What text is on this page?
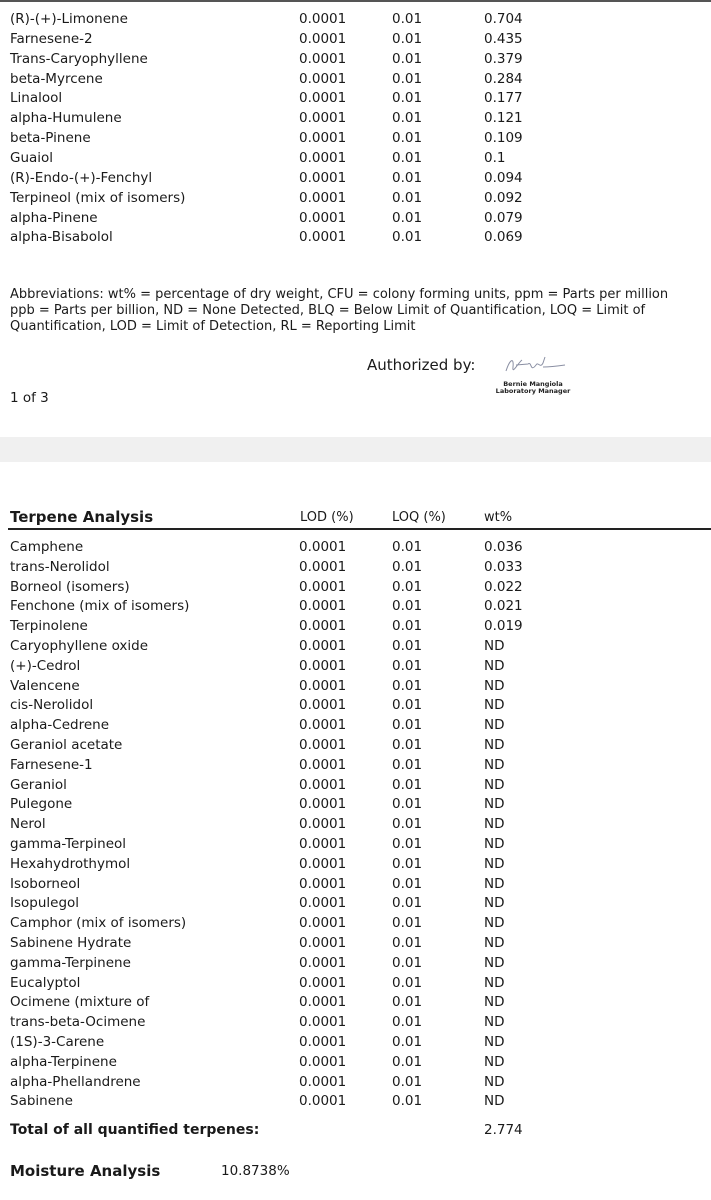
(R)-(+)-Limonene	0.0001	0.01	0.704
Farnesene-2	0.0001	0.01	0.435
Trans-Caryophyllene	0.0001	0.01	0.379
beta-Myrcene	0.0001	0.01	0.284
Linalool	0.0001	0.01	0.177
alpha-Humulene	0.0001	0.01	0.121
beta-Pinene	0.0001	0.01	0.109
Guaiol	0.0001	0.01	0.1
(R)-Endo-(+)-Fenchyl	0.0001	0.01	0.094
Terpineol (mix of isomers)	0.0001	0.01	0.092
alpha-Pinene	0.0001	0.01	0.079
alpha-Bisabolol	0.0001	0.01	0.069
Abbreviations: wt% = percentage of dry weight, CFU = colony forming units, ppm = Parts per million
ppb = Parts per billion, ND = None Detected, BLQ = Below Limit of Quantification, LOQ = Limit of
Quantification, LOD = Limit of Detection, RL = Reporting Limit
Authorized by:
Bernie Mangiola
Laboratory Manager
1 of 3
Terpene Analysis	LOD (%)	LOQ (%)	wt%
Camphene	0.0001	0.01	0.036
trans-Nerolidol	0.0001	0.01	0.033
Borneol (isomers)	0.0001	0.01	0.022
Fenchone (mix of isomers)	0.0001	0.01	0.021
Terpinolene	0.0001	0.01	0.019
Caryophyllene oxide	0.0001	0.01	ND
(+)-Cedrol	0.0001	0.01	ND
Valencene	0.0001	0.01	ND
cis-Nerolidol	0.0001	0.01	ND
alpha-Cedrene	0.0001	0.01	ND
Geraniol acetate	0.0001	0.01	ND
Farnesene-1	0.0001	0.01	ND
Geraniol	0.0001	0.01	ND
Pulegone	0.0001	0.01	ND
Nerol	0.0001	0.01	ND
gamma-Terpineol	0.0001	0.01	ND
Hexahydrothymol	0.0001	0.01	ND
Isoborneol	0.0001	0.01	ND
Isopulegol	0.0001	0.01	ND
Camphor (mix of isomers)	0.0001	0.01	ND
Sabinene Hydrate	0.0001	0.01	ND
gamma-Terpinene	0.0001	0.01	ND
Eucalyptol	0.0001	0.01	ND
Ocimene (mixture of	0.0001	0.01	ND
trans-beta-Ocimene	0.0001	0.01	ND
(1S)-3-Carene	0.0001	0.01	ND
alpha-Terpinene	0.0001	0.01	ND
alpha-Phellandrene	0.0001	0.01	ND
Sabinene	0.0001	0.01	ND
Total of all quantified terpenes:	2.774
Moisture Analysis	10.8738%
